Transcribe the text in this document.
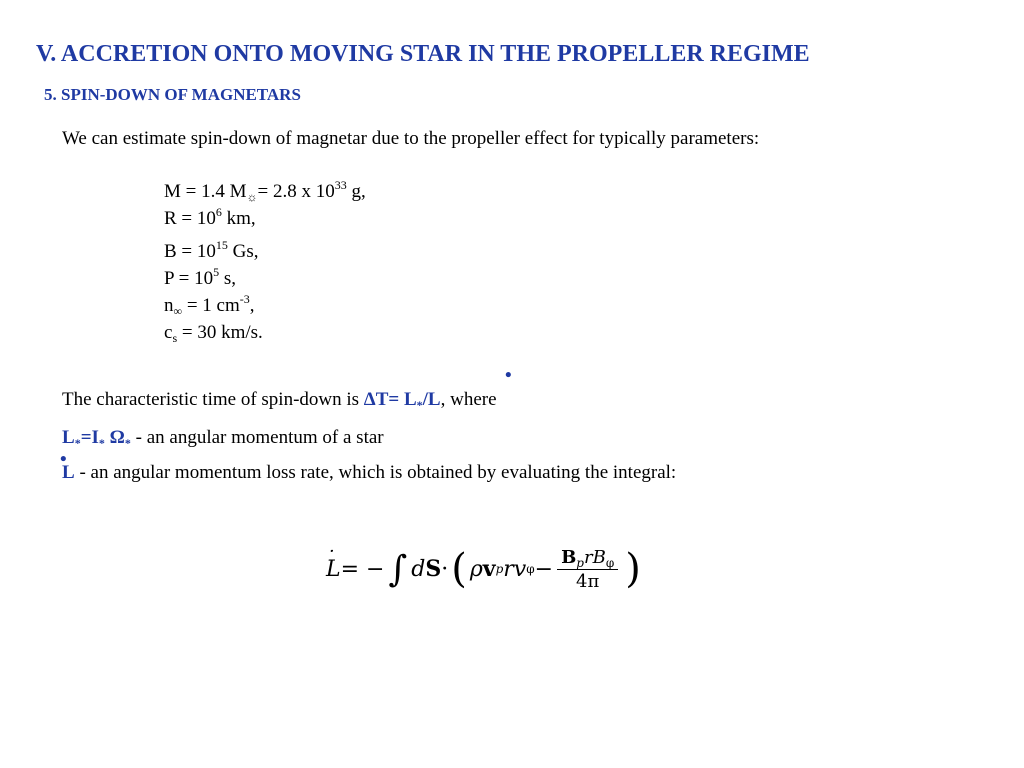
V. ACCRETION ONTO MOVING STAR IN THE PROPELLER REGIME
5. SPIN-DOWN OF MAGNETARS
We can estimate spin-down of magnetar due to the propeller effect for typically parameters:
M = 1.4 $M_☼= 2.8$ x $10^{33}$ g,
$R = 10^6$ km,
$B = 10^{15}$ Gs,
$P = 10^5$ s,
$n_\infty = 1$ $cm^{-3}$,
$c_s = 30$ km/s.
•
The characteristic time of spin-down is $\Delta T= L_*/L$, where
$L_*=I_*$ $\Omega_*$ - an angular momentum of a star
•
L - an angular momentum loss rate, which is obtained by evaluating the integral:
· L = − ∫ d S · ( ρ v p r v $\varphi - \frac{B_prB_\varphi}{4\pi}$ )
